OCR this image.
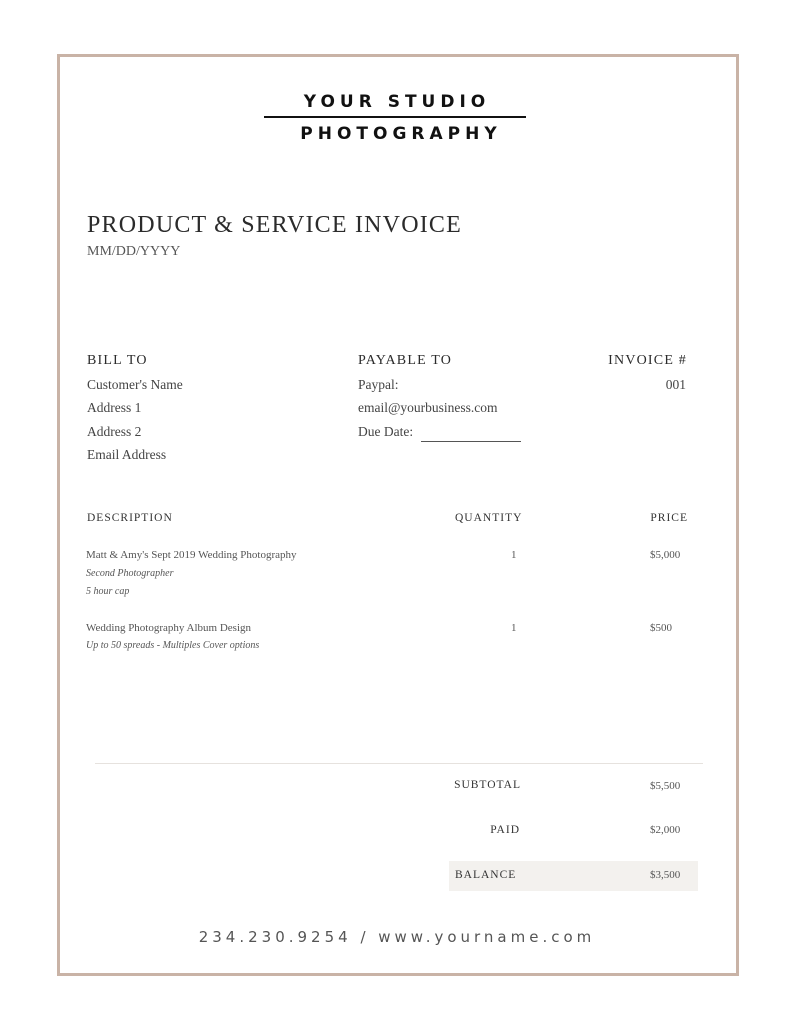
YOUR STUDIO
PHOTOGRAPHY
PRODUCT & SERVICE INVOICE
MM/DD/YYYY
BILL TO
Customer's Name
Address 1
Address 2
Email Address
PAYABLE TO
Paypal:
email@yourbusiness.com
Due Date:
INVOICE #
001
DESCRIPTION	QUANTITY	PRICE
Matt & Amy's Sept 2019 Wedding Photography
Second Photographer
5 hour cap
1	$5,000
Wedding Photography Album Design
Up to 50 spreads - Multiples Cover options
1	$500
SUBTOTAL	$5,500
PAID	$2,000
BALANCE	$3,500
234.230.9254 / www.yourname.com
